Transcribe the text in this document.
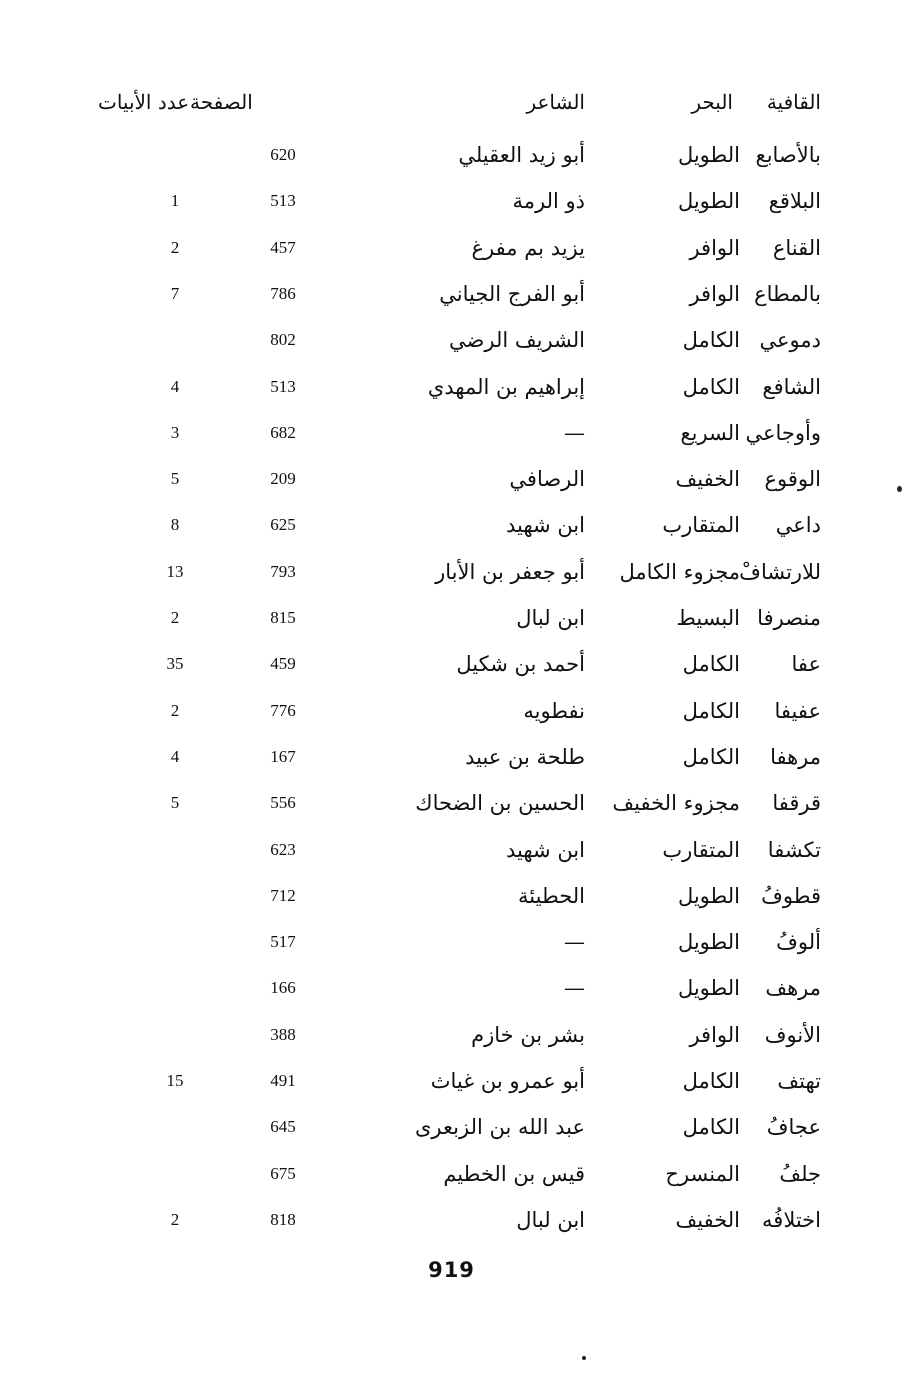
القافية
البحر
الشاعر
الصفحة
عدد الأبيات
بالأصابع
الطويل
أبو زيد العقيلي
620
البلاقع
الطويل
ذو الرمة
513
1
القناع
الوافر
يزيد بم مفرغ
457
2
بالمطاع
الوافر
أبو الفرج الجياني
786
7
دموعي
الكامل
الشريف الرضي
802
الشافع
الكامل
إبراهيم بن المهدي
513
4
وأوجاعي
السريع
—
682
3
الوقوع
الخفيف
الرصافي
209
5
داعي
المتقارب
ابن شهيد
625
8
للارتشافْ
مجزوء الكامل
أبو جعفر بن الأبار
793
13
منصرفا
البسيط
ابن لبال
815
2
عفا
الكامل
أحمد بن شكيل
459
35
عفيفا
الكامل
نفطويه
776
2
مرهفا
الكامل
طلحة بن عبيد
167
4
قرقفا
مجزوء الخفيف
الحسين بن الضحاك
556
5
تكشفا
المتقارب
ابن شهيد
623
قطوفُ
الطويل
الحطيئة
712
ألوفُ
الطويل
—
517
مرهف
الطويل
—
166
الأنوف
الوافر
بشر بن خازم
388
تهتف
الكامل
أبو عمرو بن غياث
491
15
عجافُ
الكامل
عبد الله بن الزبعرى
645
جلفُ
المنسرح
قيس بن الخطيم
675
اختلافُه
الخفيف
ابن لبال
818
2
919
